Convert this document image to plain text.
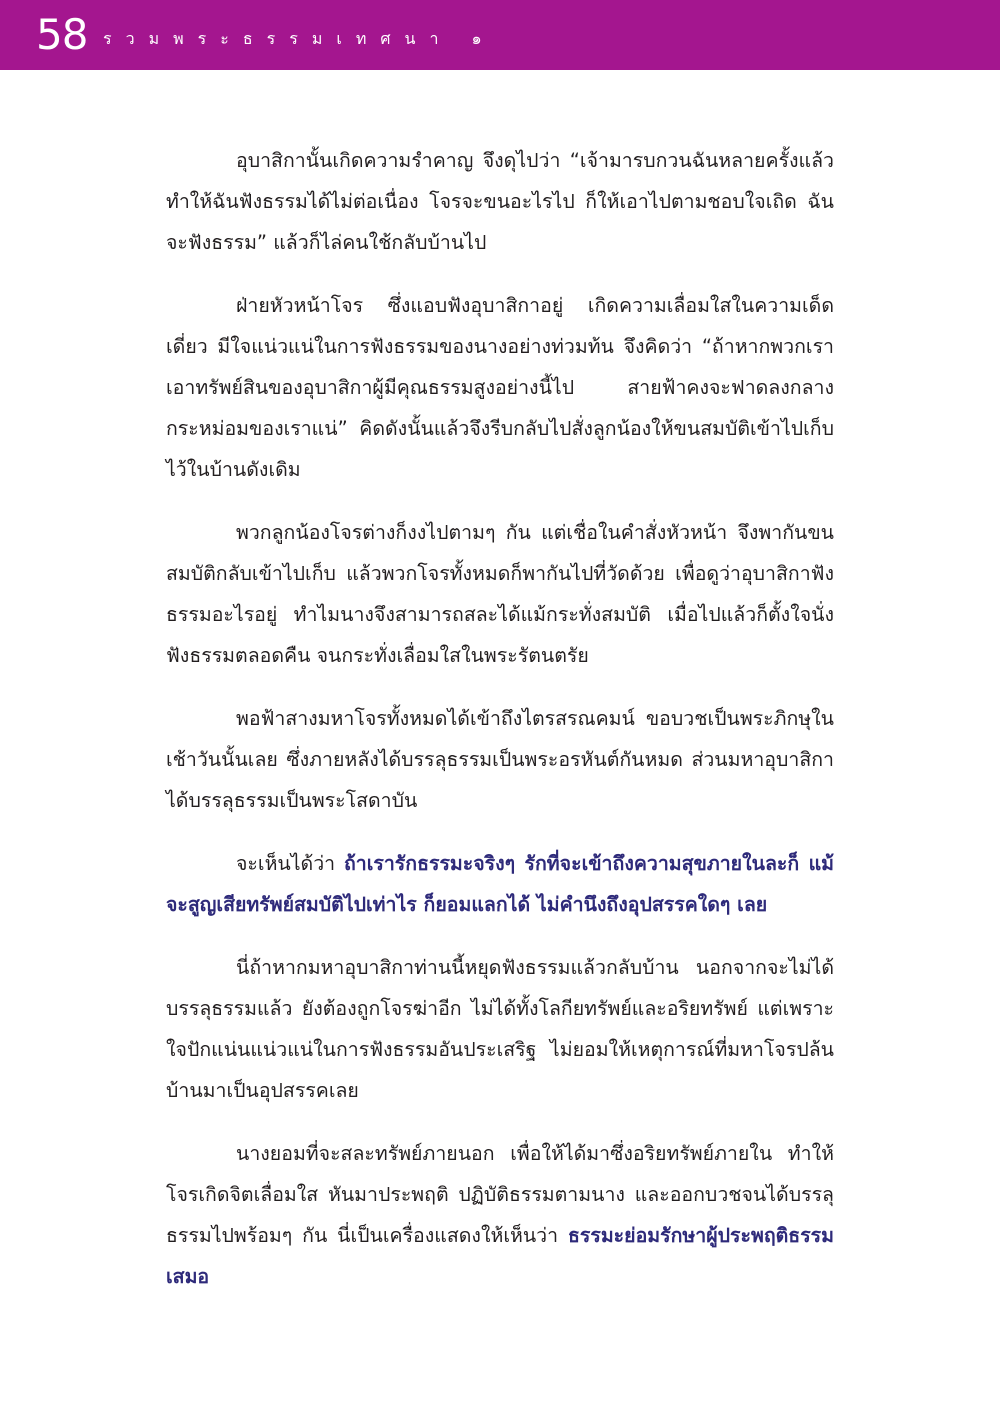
58 รวมพระธรรมเทศนา ๑

อุบาสิกานั้นเกิดความรำคาญ จึงดุไปว่า “เจ้ามารบกวนฉันหลายครั้งแล้ว ทำให้ฉันฟังธรรมได้ไม่ต่อเนื่อง โจรจะขนอะไรไป ก็ให้เอาไปตามชอบใจเถิด ฉันจะฟังธรรม” แล้วก็ไล่คนใช้กลับบ้านไป

ฝ่ายหัวหน้าโจร ซึ่งแอบฟังอุบาสิกาอยู่ เกิดความเลื่อมใสในความเด็ดเดี่ยว มีใจแน่วแน่ในการฟังธรรมของนางอย่างท่วมท้น จึงคิดว่า “ถ้าหากพวกเราเอาทรัพย์สินของอุบาสิกาผู้มีคุณธรรมสูงอย่างนี้ไป สายฟ้าคงจะฟาดลงกลางกระหม่อมของเราแน่” คิดดังนั้นแล้วจึงรีบกลับไปสั่งลูกน้องให้ขนสมบัติเข้าไปเก็บไว้ในบ้านดังเดิม

พวกลูกน้องโจรต่างก็งงไปตามๆ กัน แต่เชื่อในคำสั่งหัวหน้า จึงพากันขนสมบัติกลับเข้าไปเก็บ แล้วพวกโจรทั้งหมดก็พากันไปที่วัดด้วย เพื่อดูว่าอุบาสิกาฟังธรรมอะไรอยู่ ทำไมนางจึงสามารถสละได้แม้กระทั่งสมบัติ เมื่อไปแล้วก็ตั้งใจนั่งฟังธรรมตลอดคืน จนกระทั่งเลื่อมใสในพระรัตนตรัย

พอฟ้าสางมหาโจรทั้งหมดได้เข้าถึงไตรสรณคมน์ ขอบวชเป็นพระภิกษุในเช้าวันนั้นเลย ซึ่งภายหลังได้บรรลุธรรมเป็นพระอรหันต์กันหมด ส่วนมหาอุบาสิกาได้บรรลุธรรมเป็นพระโสดาบัน

จะเห็นได้ว่า ถ้าเรารักธรรมะจริงๆ รักที่จะเข้าถึงความสุขภายในละก็ แม้จะสูญเสียทรัพย์สมบัติไปเท่าไร ก็ยอมแลกได้ ไม่คำนึงถึงอุปสรรคใดๆ เลย

นี่ถ้าหากมหาอุบาสิกาท่านนี้หยุดฟังธรรมแล้วกลับบ้าน นอกจากจะไม่ได้บรรลุธรรมแล้ว ยังต้องถูกโจรฆ่าอีก ไม่ได้ทั้งโลกียทรัพย์และอริยทรัพย์ แต่เพราะใจปักแน่นแน่วแน่ในการฟังธรรมอันประเสริฐ ไม่ยอมให้เหตุการณ์ที่มหาโจรปล้นบ้านมาเป็นอุปสรรคเลย

นางยอมที่จะสละทรัพย์ภายนอก เพื่อให้ได้มาซึ่งอริยทรัพย์ภายใน ทำให้โจรเกิดจิตเลื่อมใส หันมาประพฤติ ปฏิบัติธรรมตามนาง และออกบวชจนได้บรรลุธรรมไปพร้อมๆ กัน นี่เป็นเครื่องแสดงให้เห็นว่า ธรรมะย่อมรักษาผู้ประพฤติธรรมเสมอ
